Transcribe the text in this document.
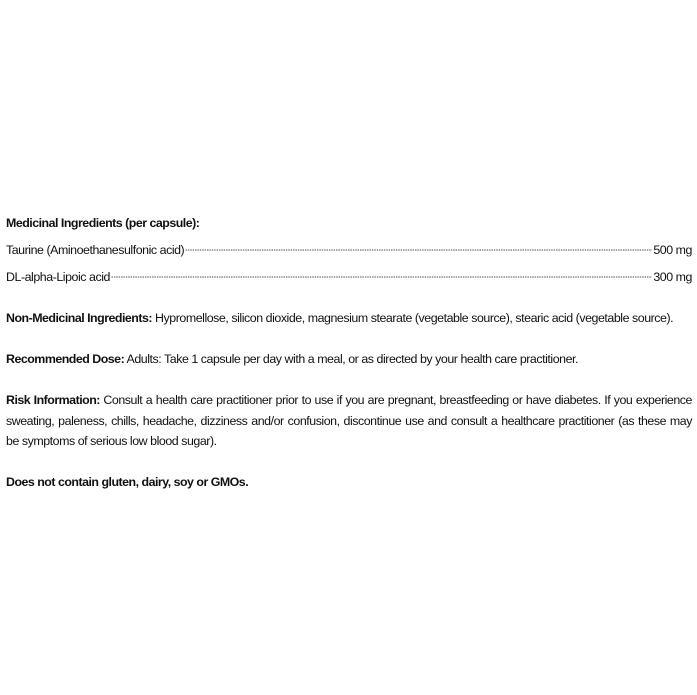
Medicinal Ingredients (per capsule):
Taurine (Aminoethanesulfonic acid)	500 mg
DL-alpha-Lipoic acid	300 mg
Non-Medicinal Ingredients: Hypromellose, silicon dioxide, magnesium stearate (vegetable source), stearic acid (vegetable source).
Recommended Dose: Adults: Take 1 capsule per day with a meal, or as directed by your health care practitioner.
Risk Information: Consult a health care practitioner prior to use if you are pregnant, breastfeeding or have diabetes. If you experience sweating, paleness, chills, headache, dizziness and/or confusion, discontinue use and consult a healthcare practitioner (as these may be symptoms of serious low blood sugar).
Does not contain gluten, dairy, soy or GMOs.
